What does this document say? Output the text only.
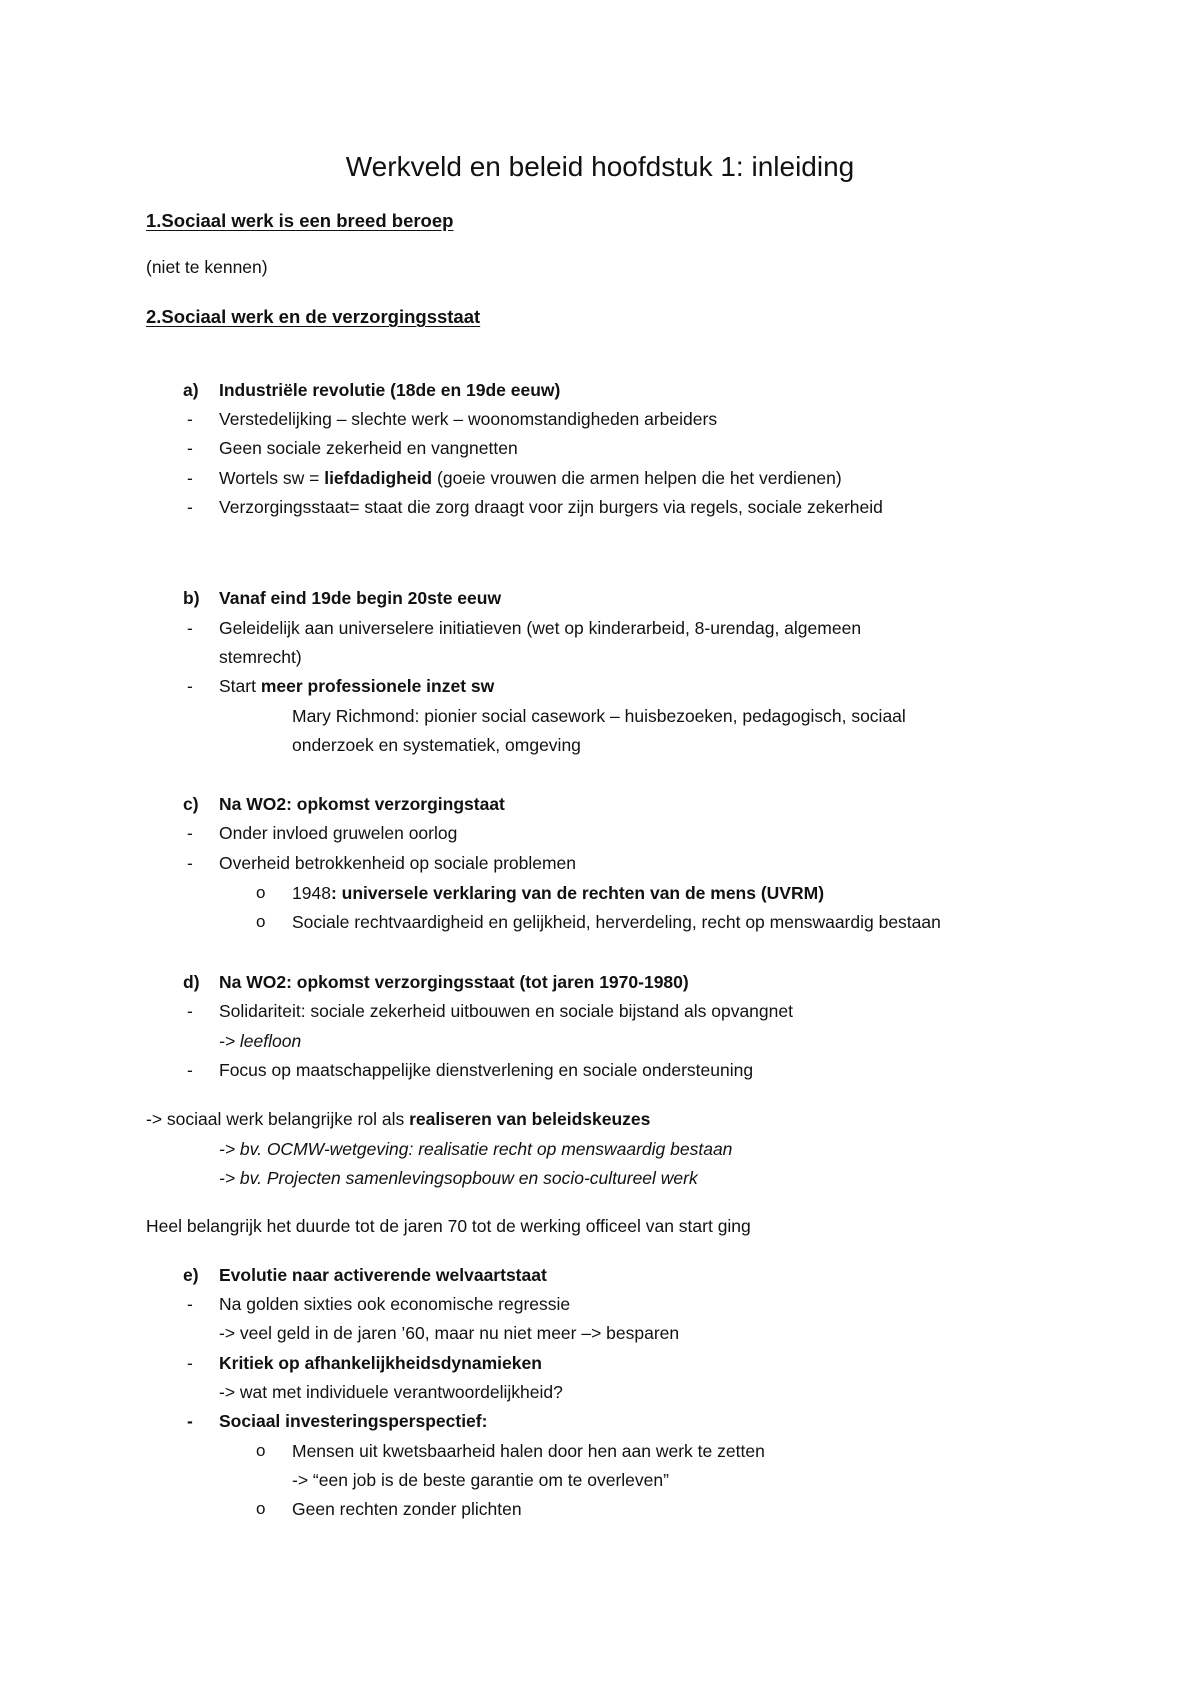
Werkveld en beleid hoofdstuk 1: inleiding
1.Sociaal werk is een breed beroep
(niet te kennen)
2.Sociaal werk en de verzorgingsstaat
a) Industriële revolutie (18de en 19de eeuw)
- Verstedelijking – slechte werk – woonomstandigheden arbeiders
- Geen sociale zekerheid en vangnetten
- Wortels sw = liefdadigheid (goeie vrouwen die armen helpen die het verdienen)
- Verzorgingsstaat= staat die zorg draagt voor zijn burgers via regels, sociale zekerheid
b) Vanaf eind 19de begin 20ste eeuw
- Geleidelijk aan universelere initiatieven (wet op kinderarbeid, 8-urendag, algemeen
stemrecht)
- Start meer professionele inzet sw
Mary Richmond: pionier social casework – huisbezoeken, pedagogisch, sociaal
onderzoek en systematiek, omgeving
c) Na WO2: opkomst verzorgingstaat
- Onder invloed gruwelen oorlog
- Overheid betrokkenheid op sociale problemen
o 1948: universele verklaring van de rechten van de mens (UVRM)
o Sociale rechtvaardigheid en gelijkheid, herverdeling, recht op menswaardig bestaan
d) Na WO2: opkomst verzorgingsstaat (tot jaren 1970-1980)
- Solidariteit: sociale zekerheid uitbouwen en sociale bijstand als opvangnet
-> leefloon
- Focus op maatschappelijke dienstverlening en sociale ondersteuning
-> sociaal werk belangrijke rol als realiseren van beleidskeuzes
-> bv. OCMW-wetgeving: realisatie recht op menswaardig bestaan
-> bv. Projecten samenlevingsopbouw en socio-cultureel werk
Heel belangrijk het duurde tot de jaren 70 tot de werking officeel van start ging
e) Evolutie naar activerende welvaartstaat
- Na golden sixties ook economische regressie
-> veel geld in de jaren ’60, maar nu niet meer –> besparen
- Kritiek op afhankelijkheidsdynamieken
-> wat met individuele verantwoordelijkheid?
- Sociaal investeringsperspectief:
o Mensen uit kwetsbaarheid halen door hen aan werk te zetten
-> “een job is de beste garantie om te overleven”
o Geen rechten zonder plichten
